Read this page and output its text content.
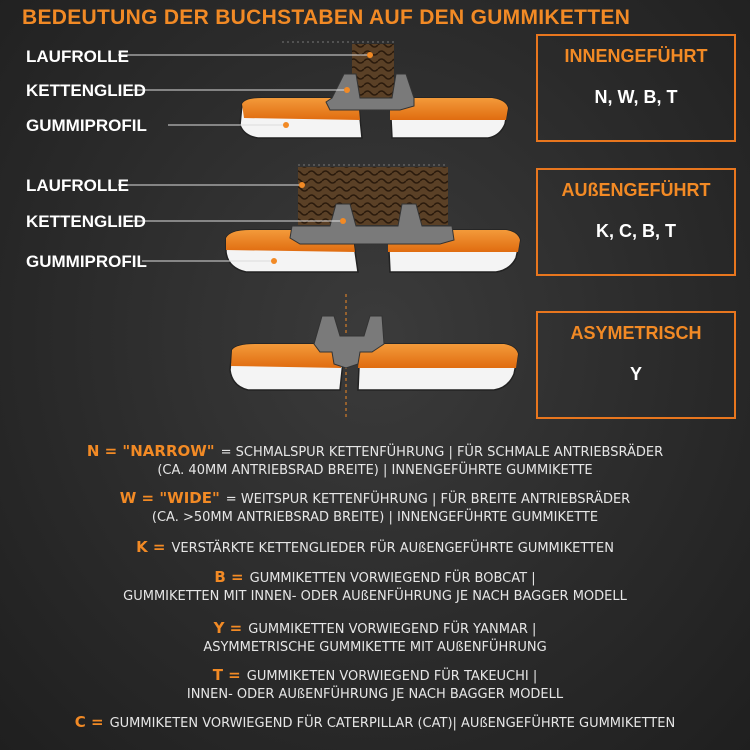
BEDEUTUNG DER BUCHSTABEN AUF DEN GUMMIKETTEN
LAUFROLLE
KETTENGLIED
GUMMIPROFIL
LAUFROLLE
KETTENGLIED
GUMMIPROFIL
INNENGEFÜHRT
N, W, B, T
AUßENGEFÜHRT
K, C, B, T
ASYMETRISCH
Y
N = "NARROW" = SCHMALSPUR KETTENFÜHRUNG | FÜR SCHMALE ANTRIEBSRÄDER
(CA. 40MM ANTRIEBSRAD BREITE) | INNENGEFÜHRTE GUMMIKETTE
W = "WIDE" = WEITSPUR KETTENFÜHRUNG | FÜR BREITE ANTRIEBSRÄDER
(CA. >50MM ANTRIEBSRAD BREITE) | INNENGEFÜHRTE GUMMIKETTE
K = VERSTÄRKTE KETTENGLIEDER FÜR AUßENGEFÜHRTE GUMMIKETTEN
B = GUMMIKETTEN VORWIEGEND FÜR BOBCAT |
GUMMIKETTEN MIT INNEN- ODER AUßENFÜHRUNG JE NACH BAGGER MODELL
Y = GUMMIKETTEN VORWIEGEND FÜR YANMAR |
ASYMMETRISCHE GUMMIKETTE MIT AUßENFÜHRUNG
T = GUMMIKETEN VORWIEGEND FÜR TAKEUCHI |
INNEN- ODER AUßENFÜHRUNG JE NACH BAGGER MODELL
C = GUMMIKETEN VORWIEGEND FÜR CATERPILLAR (CAT)| AUßENGEFÜHRTE GUMMIKETTEN
